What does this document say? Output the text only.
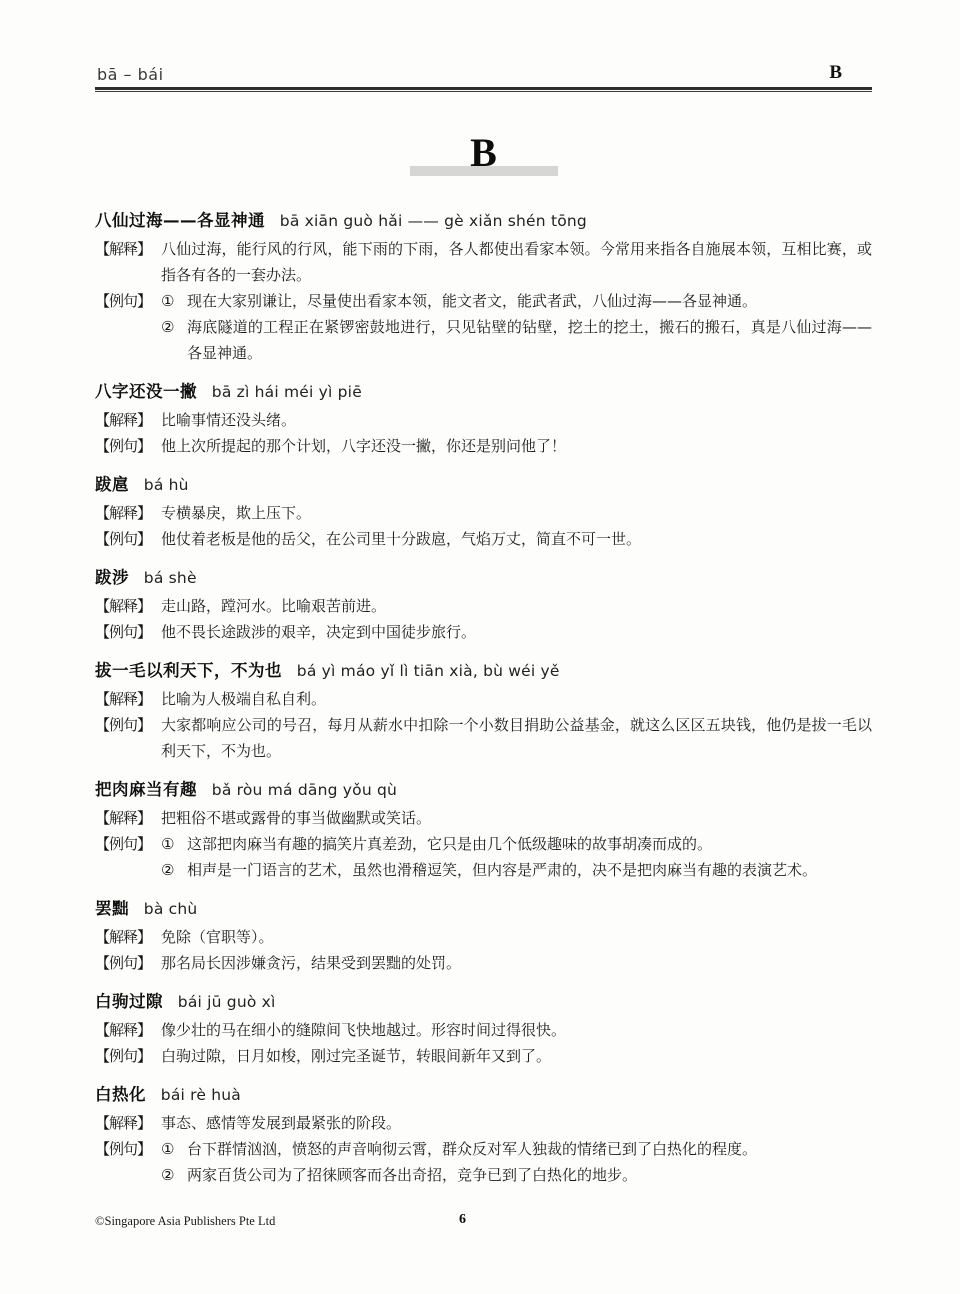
bā – bái	B
B
八仙过海——各显神通 bā xiān guò hǎi —— gè xiǎn shén tōng
【解释】 八仙过海，能行风的行风，能下雨的下雨，各人都使出看家本领。今常用来指各自施展本领，互相比赛，或指各有各的一套办法。
【例句】 ① 现在大家别谦让，尽量使出看家本领，能文者文，能武者武，八仙过海——各显神通。
② 海底隧道的工程正在紧锣密鼓地进行，只见钻壁的钻壁，挖土的挖土，搬石的搬石，真是八仙过海——各显神通。
八字还没一撇 bā zì hái méi yì piē
【解释】 比喻事情还没头绪。
【例句】 他上次所提起的那个计划，八字还没一撇，你还是别问他了！
跋扈 bá hù
【解释】 专横暴戾，欺上压下。
【例句】 他仗着老板是他的岳父，在公司里十分跋扈，气焰万丈，简直不可一世。
跋涉 bá shè
【解释】 走山路，蹚河水。比喻艰苦前进。
【例句】 他不畏长途跋涉的艰辛，决定到中国徒步旅行。
拔一毛以利天下，不为也 bá yì máo yǐ lì tiān xià, bù wéi yě
【解释】 比喻为人极端自私自利。
【例句】 大家都响应公司的号召，每月从薪水中扣除一个小数目捐助公益基金，就这么区区五块钱，他仍是拔一毛以利天下，不为也。
把肉麻当有趣 bǎ ròu má dāng yǒu qù
【解释】 把粗俗不堪或露骨的事当做幽默或笑话。
【例句】 ① 这部把肉麻当有趣的搞笑片真差劲，它只是由几个低级趣味的故事胡凑而成的。
② 相声是一门语言的艺术，虽然也滑稽逗笑，但内容是严肃的，决不是把肉麻当有趣的表演艺术。
罢黜 bà chù
【解释】 免除（官职等）。
【例句】 那名局长因涉嫌贪污，结果受到罢黜的处罚。
白驹过隙 bái jū guò xì
【解释】 像少壮的马在细小的缝隙间飞快地越过。形容时间过得很快。
【例句】 白驹过隙，日月如梭，刚过完圣诞节，转眼间新年又到了。
白热化 bái rè huà
【解释】 事态、感情等发展到最紧张的阶段。
【例句】 ① 台下群情汹汹，愤怒的声音响彻云霄，群众反对军人独裁的情绪已到了白热化的程度。
② 两家百货公司为了招徕顾客而各出奇招，竞争已到了白热化的地步。
©Singapore Asia Publishers Pte Ltd	6
